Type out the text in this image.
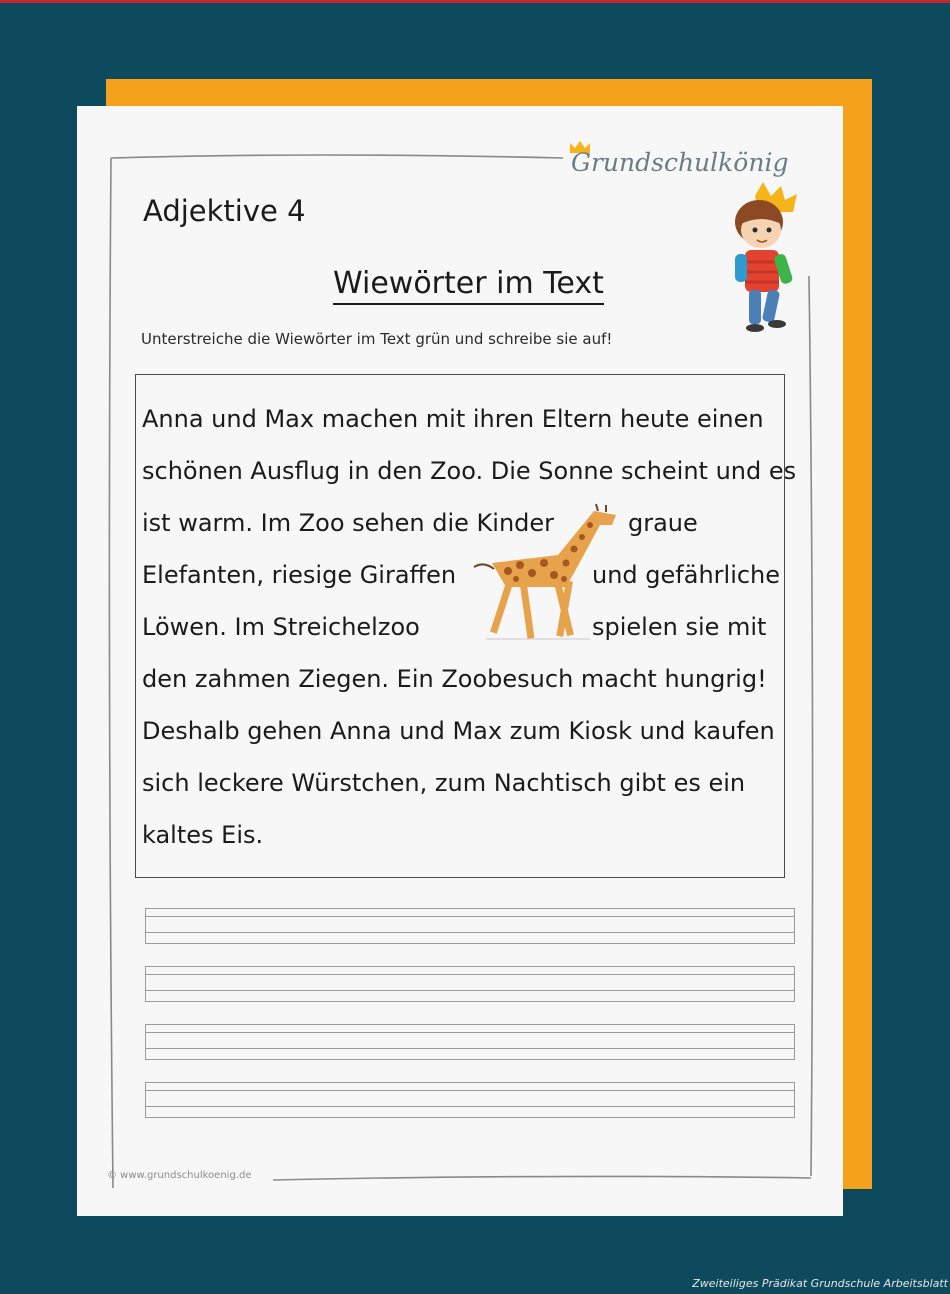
Grundschulkönig
Adjektive 4
Wiewörter im Text
Unterstreiche die Wiewörter im Text grün und schreibe sie auf!
Anna und Max machen mit ihren Eltern heute einen
schönen Ausflug in den Zoo. Die Sonne scheint und es
ist warm. Im Zoo sehen die Kinder	graue
Elefanten, riesige Giraffen	und gefährliche
Löwen. Im Streichelzoo	spielen sie mit
den zahmen Ziegen. Ein Zoobesuch macht hungrig!
Deshalb gehen Anna und Max zum Kiosk und kaufen
sich leckere Würstchen, zum Nachtisch gibt es ein
kaltes Eis.
© www.grundschulkoenig.de
Zweiteiliges Prädikat Grundschule Arbeitsblatt
